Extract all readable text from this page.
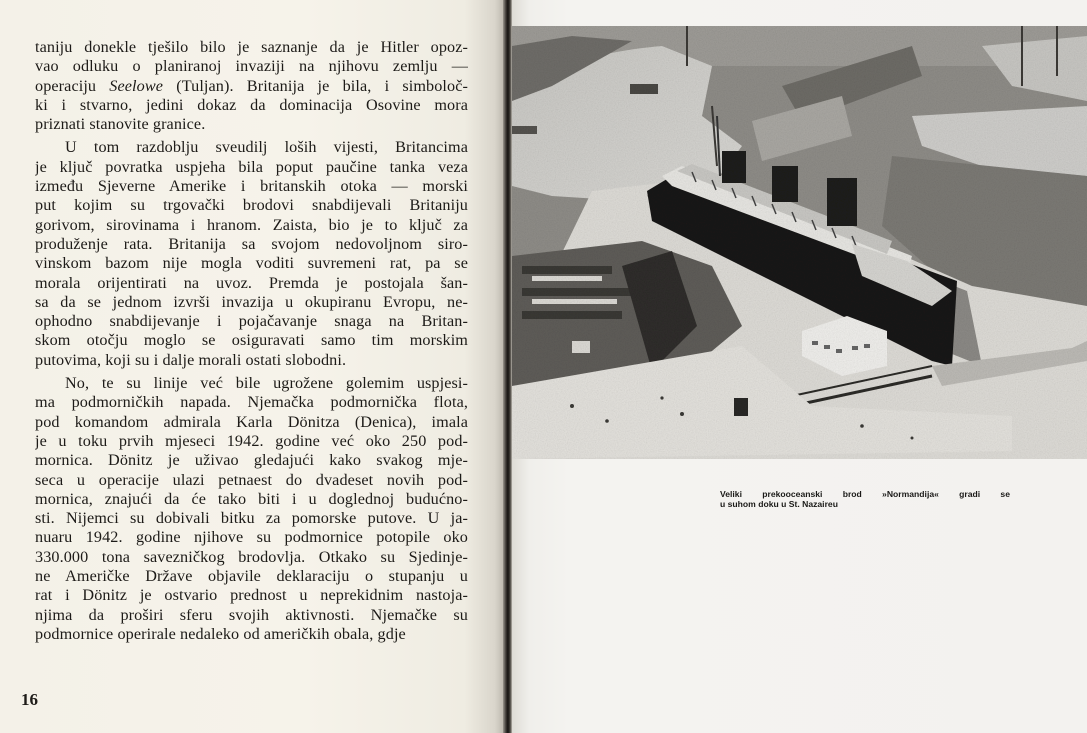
taniju donekle tješilo bilo je saznanje da je Hitler opoz-
vao odluku o planiranoj invaziji na njihovu zemlju —
operaciju Seelowe (Tuljan). Britanija je bila, i simboloč-
ki i stvarno, jedini dokaz da dominacija Osovine mora
priznati stanovite granice.
U tom razdoblju sveudilj loših vijesti, Britancima
je ključ povratka uspjeha bila poput paučine tanka veza
između Sjeverne Amerike i britanskih otoka — morski
put kojim su trgovački brodovi snabdijevali Britaniju
gorivom, sirovinama i hranom. Zaista, bio je to ključ za
produženje rata. Britanija sa svojom nedovoljnom siro-
vinskom bazom nije mogla voditi suvremeni rat, pa se
morala orijentirati na uvoz. Premda je postojala šan-
sa da se jednom izvrši invazija u okupiranu Evropu, ne-
ophodno snabdijevanje i pojačavanje snaga na Britan-
skom otočju moglo se osiguravati samo tim morskim
putovima, koji su i dalje morali ostati slobodni.
No, te su linije već bile ugrožene golemim uspjesi-
ma podmorničkih napada. Njemačka podmornička flota,
pod komandom admirala Karla Dönitza (Denica), imala
je u toku prvih mjeseci 1942. godine već oko 250 pod-
mornica. Dönitz je uživao gledajući kako svakog mje-
seca u operacije ulazi petnaest do dvadeset novih pod-
mornica, znajući da će tako biti i u doglednoj budućno-
sti. Nijemci su dobivali bitku za pomorske putove. U ja-
nuaru 1942. godine njihove su podmornice potopile oko
330.000 tona savezničkog brodovlja. Otkako su Sjedinje-
ne Američke Države objavile deklaraciju o stupanju u
rat i Dönitz je ostvario prednost u neprekidnim nastoja-
njima da proširi sferu svojih aktivnosti. Njemačke su
podmornice operirale nedaleko od američkih obala, gdje
16
Veliki prekooceanski brod »Normandija« gradi se
u suhom doku u St. Nazaireu
